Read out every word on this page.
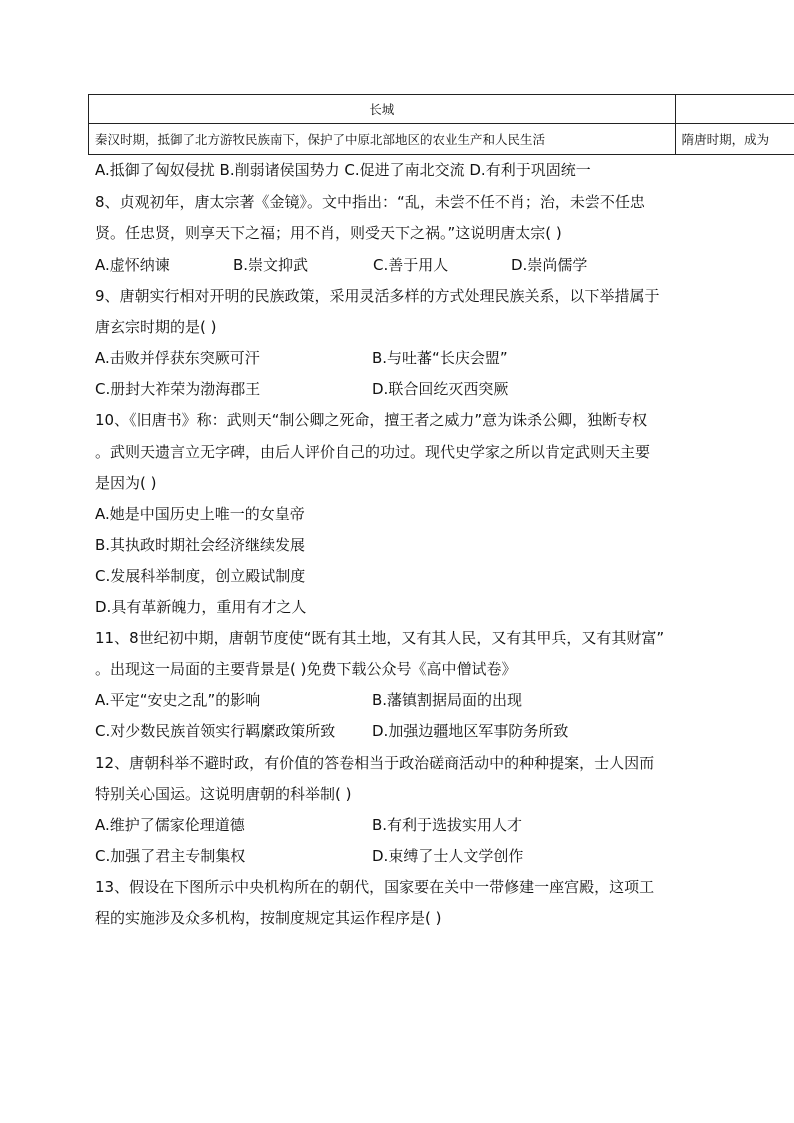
长城	
秦汉时期，抵御了北方游牧民族南下，保护了中原北部地区的农业生产和人民生活	隋唐时期，成为
A.抵御了匈奴侵扰 B.削弱诸侯国势力 C.促进了南北交流 D.有利于巩固统一
8、贞观初年，唐太宗著《金镜》。文中指出：“乱，未尝不任不肖；治，未尝不任忠
贤。任忠贤，则享天下之福；用不肖，则受天下之祸。”这说明唐太宗( )
A.虚怀纳谏	B.崇文抑武	C.善于用人	D.崇尚儒学
9、唐朝实行相对开明的民族政策，采用灵活多样的方式处理民族关系，以下举措属于
唐玄宗时期的是( )
A.击败并俘获东突厥可汗	B.与吐蕃“长庆会盟”
C.册封大祚荣为渤海郡王	D.联合回纥灭西突厥
10、《旧唐书》称：武则天“制公卿之死命，擅王者之威力”意为诛杀公卿，独断专权
。武则天遗言立无字碑，由后人评价自己的功过。现代史学家之所以肯定武则天主要
是因为( )
A.她是中国历史上唯一的女皇帝
B.其执政时期社会经济继续发展
C.发展科举制度，创立殿试制度
D.具有革新魄力，重用有才之人
11、8世纪初中期，唐朝节度使“既有其土地，又有其人民，又有其甲兵，又有其财富”
。出现这一局面的主要背景是( )免费下载公众号《高中僧试卷》
A.平定“安史之乱”的影响	B.藩镇割据局面的出现
C.对少数民族首领实行羁縻政策所致 D.加强边疆地区军事防务所致
12、唐朝科举不避时政，有价值的答卷相当于政治磋商活动中的种种提案，士人因而
特别关心国运。这说明唐朝的科举制( )
A.维护了儒家伦理道德	B.有利于选拔实用人才
C.加强了君主专制集权	D.束缚了士人文学创作
13、假设在下图所示中央机构所在的朝代，国家要在关中一带修建一座宫殿，这项工
程的实施涉及众多机构，按制度规定其运作程序是( )
